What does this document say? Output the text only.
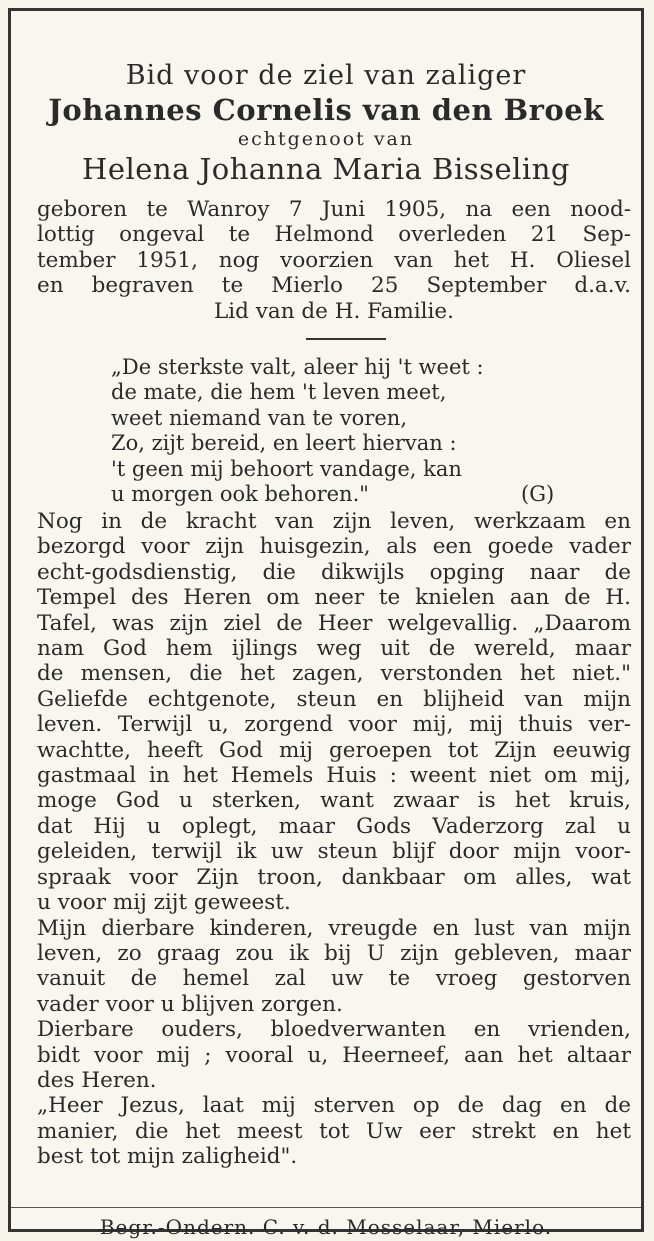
Bid voor de ziel van zaliger
Johannes Cornelis van den Broek
echtgenoot van
Helena Johanna Maria Bisseling
geboren te Wanroy 7 Juni 1905, na een nood-
lottig ongeval te Helmond overleden 21 Sep-
tember 1951, nog voorzien van het H. Oliesel
en begraven te Mierlo 25 September d.a.v.
Lid van de H. Familie.
„De sterkste valt, aleer hij 't weet :
de mate, die hem 't leven meet,
weet niemand van te voren,
Zo, zijt bereid, en leert hiervan :
't geen mij behoort vandage, kan
u morgen ook behoren."	(G)
Nog in de kracht van zijn leven, werkzaam en
bezorgd voor zijn huisgezin, als een goede vader
echt-godsdienstig, die dikwijls opging naar de
Tempel des Heren om neer te knielen aan de H.
Tafel, was zijn ziel de Heer welgevallig. „Daarom
nam God hem ijlings weg uit de wereld, maar
de mensen, die het zagen, verstonden het niet."
Geliefde echtgenote, steun en blijheid van mijn
leven. Terwijl u, zorgend voor mij, mij thuis ver-
wachtte, heeft God mij geroepen tot Zijn eeuwig
gastmaal in het Hemels Huis : weent niet om mij,
moge God u sterken, want zwaar is het kruis,
dat Hij u oplegt, maar Gods Vaderzorg zal u
geleiden, terwijl ik uw steun blijf door mijn voor-
spraak voor Zijn troon, dankbaar om alles, wat
u voor mij zijt geweest.
Mijn dierbare kinderen, vreugde en lust van mijn
leven, zo graag zou ik bij U zijn gebleven, maar
vanuit de hemel zal uw te vroeg gestorven
vader voor u blijven zorgen.
Dierbare ouders, bloedverwanten en vrienden,
bidt voor mij ; vooral u, Heerneef, aan het altaar
des Heren.
„Heer Jezus, laat mij sterven op de dag en de
manier, die het meest tot Uw eer strekt en het
best tot mijn zaligheid".
Begr.-Ondern. C. v. d. Mosselaar, Mierlo.
